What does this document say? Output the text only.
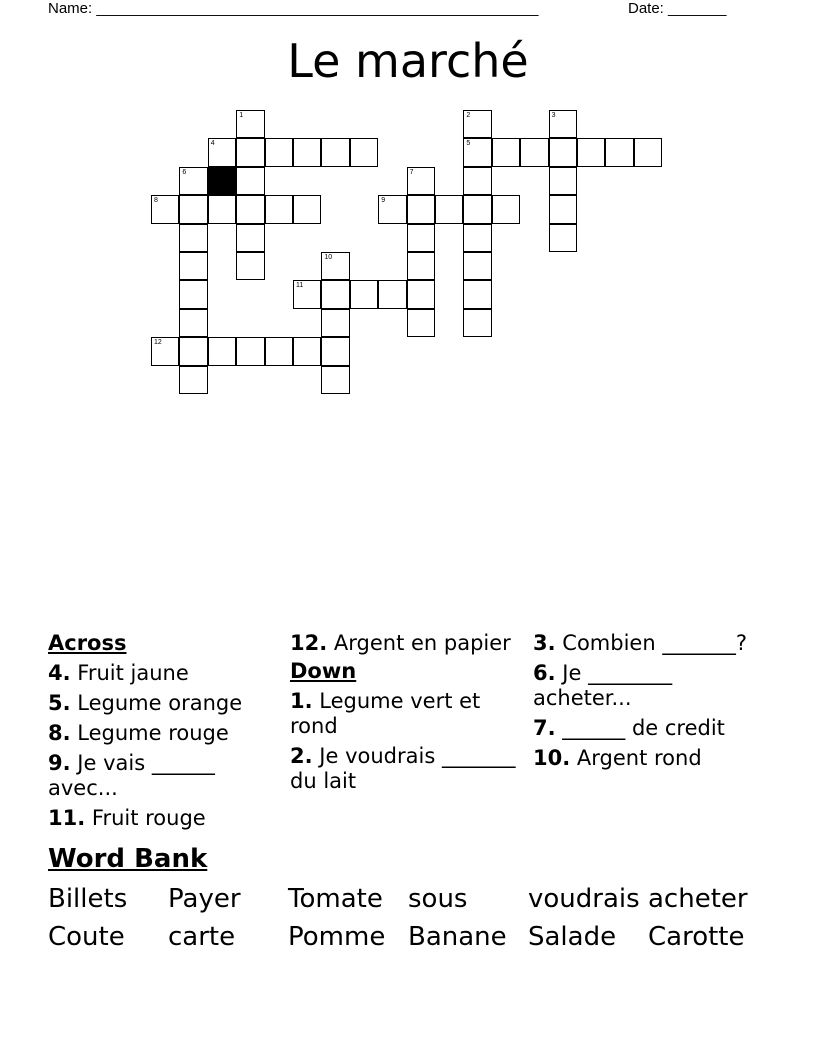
Name: _____________________________________________________	Date: _______
Le marché
4	5
8	9
11
12
1	2	3
6	7
10
Across
4. Fruit jaune
5. Legume orange
8. Legume rouge
9. Je vais ______ avec...
11. Fruit rouge
12. Argent en papier
Down
1. Legume vert et rond
2. Je voudrais _______ du lait
3. Combien _______?
6. Je ________ acheter...
7. ______ de credit
10. Argent rond
Word Bank
Billets Payer Tomate sous voudrais acheter
Coute carte Pomme Banane Salade Carotte
